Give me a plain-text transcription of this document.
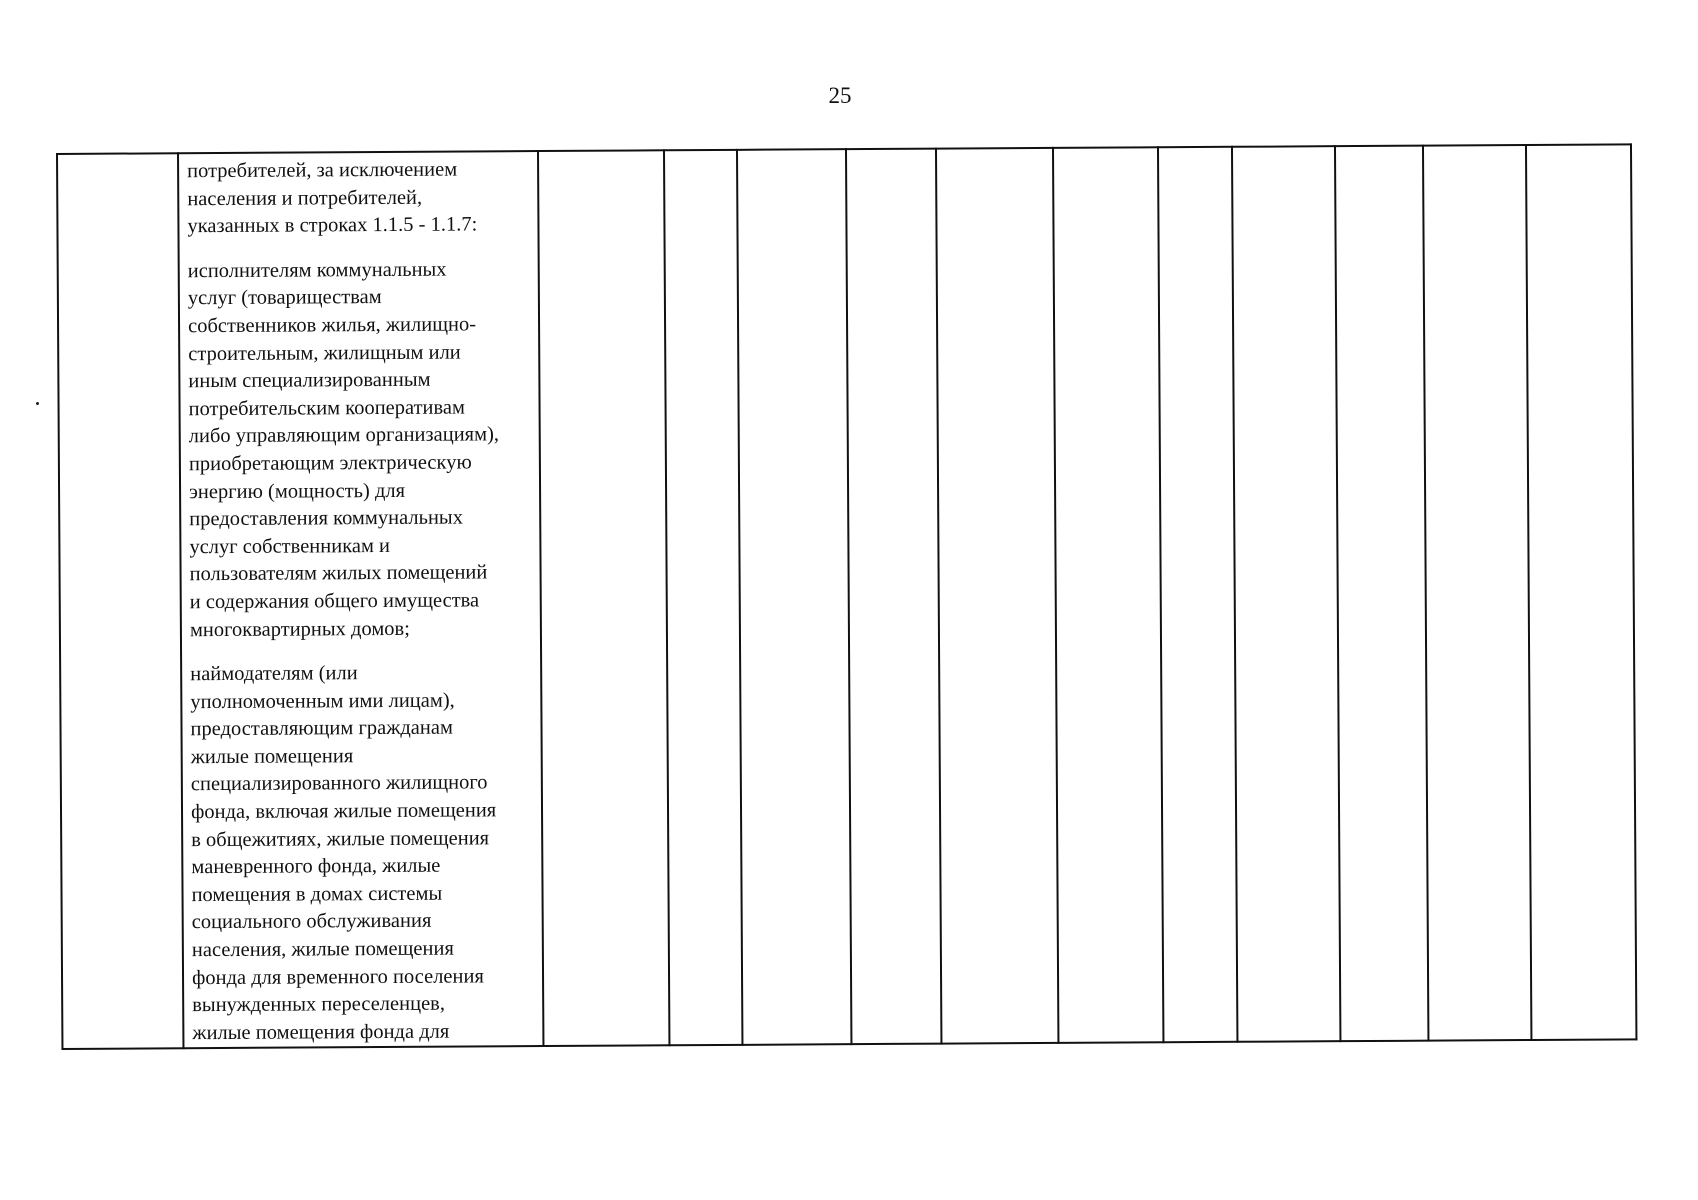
25

потребителей, за исключением
населения и потребителей,
указанных в строках 1.1.5 - 1.1.7:

исполнителям коммунальных
услуг (товариществам
собственников жилья, жилищно-
строительным, жилищным или
иным специализированным
потребительским кооперативам
либо управляющим организациям),
приобретающим электрическую
энергию (мощность) для
предоставления коммунальных
услуг собственникам и
пользователям жилых помещений
и содержания общего имущества
многоквартирных домов;

наймодателям (или
уполномоченным ими лицам),
предоставляющим гражданам
жилые помещения
специализированного жилищного
фонда, включая жилые помещения
в общежитиях, жилые помещения
маневренного фонда, жилые
помещения в домах системы
социального обслуживания
населения, жилые помещения
фонда для временного поселения
вынужденных переселенцев,
жилые помещения фонда для
